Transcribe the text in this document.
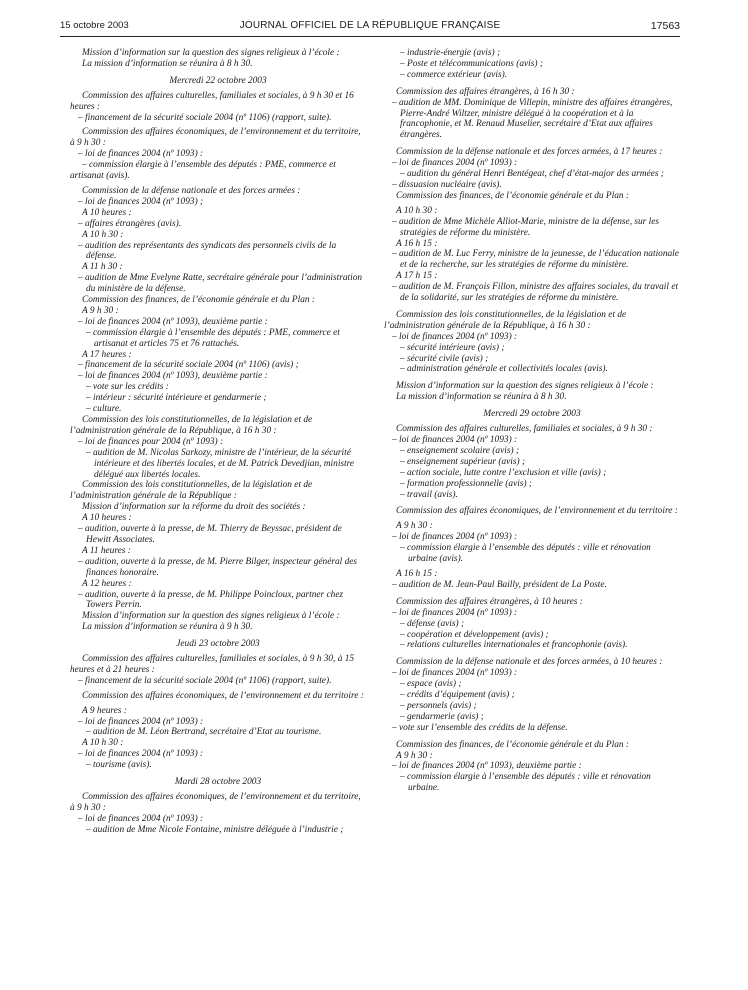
15 octobre 2003	JOURNAL OFFICIEL DE LA RÉPUBLIQUE FRANÇAISE	17563

Mission d’information sur la question des signes religieux à l’école :

La mission d’information se réunira à 8 h 30.

Mercredi 22 octobre 2003

Commission des affaires culturelles, familiales et sociales, à 9 h 30 et 16 heures :

– financement de la sécurité sociale 2004 (nº 1106) (rapport, suite).

Commission des affaires économiques, de l’environnement et du territoire, à 9 h 30 :

– loi de finances 2004 (nº 1093) :

– commission élargie à l’ensemble des députés : PME, commerce et artisanat (avis).

Commission de la défense nationale et des forces armées :

– loi de finances 2004 (nº 1093) ;

A 10 heures :

– affaires étrangères (avis).

A 10 h 30 :

– audition des représentants des syndicats des personnels civils de la défense.

A 11 h 30 :

– audition de Mme Evelyne Ratte, secrétaire générale pour l’administration du ministère de la défense.

Commission des finances, de l’économie générale et du Plan :

A 9 h 30 :

– loi de finances 2004 (nº 1093), deuxième partie :

– commission élargie à l’ensemble des députés : PME, commerce et artisanat et articles 75 et 76 rattachés.

A 17 heures :

– financement de la sécurité sociale 2004 (nº 1106) (avis) ;

– loi de finances 2004 (nº 1093), deuxième partie :

– vote sur les crédits :

– intérieur : sécurité intérieure et gendarmerie ;

– culture.

Commission des lois constitutionnelles, de la législation et de l’administration générale de la République, à 16 h 30 :

– loi de finances pour 2004 (nº 1093) :

– audition de M. Nicolas Sarkozy, ministre de l’intérieur, de la sécurité intérieure et des libertés locales, et de M. Patrick Devedjian, ministre délégué aux libertés locales.

Commission des lois constitutionnelles, de la législation et de l’administration générale de la République :

Mission d’information sur la réforme du droit des sociétés :

A 10 heures :

– audition, ouverte à la presse, de M. Thierry de Beyssac, président de Hewitt Associates.

A 11 heures :

– audition, ouverte à la presse, de M. Pierre Bilger, inspecteur général des finances honoraire.

A 12 heures :

– audition, ouverte à la presse, de M. Philippe Poincloux, partner chez Towers Perrin.

Mission d’information sur la question des signes religieux à l’école :

La mission d’information se réunira à 9 h 30.

Jeudi 23 octobre 2003

Commission des affaires culturelles, familiales et sociales, à 9 h 30, à 15 heures et à 21 heures :

– financement de la sécurité sociale 2004 (nº 1106) (rapport, suite).

Commission des affaires économiques, de l’environnement et du territoire :

A 9 heures :

– loi de finances 2004 (nº 1093) :

– audition de M. Léon Bertrand, secrétaire d’Etat au tourisme.

A 10 h 30 :

– loi de finances 2004 (nº 1093) :

– tourisme (avis).

Mardi 28 octobre 2003

Commission des affaires économiques, de l’environnement et du territoire, à 9 h 30 :

– loi de finances 2004 (nº 1093) :

– audition de Mme Nicole Fontaine, ministre déléguée à l’industrie ;

– industrie-énergie (avis) ;

– Poste et télécommunications (avis) ;

– commerce extérieur (avis).

Commission des affaires étrangères, à 16 h 30 :

– audition de MM. Dominique de Villepin, ministre des affaires étrangères, Pierre-André Wiltzer, ministre délégué à la coopération et à la francophonie, et M. Renaud Muselier, secrétaire d’Etat aux affaires étrangères.

Commission de la défense nationale et des forces armées, à 17 heures :

– loi de finances 2004 (nº 1093) :

– audition du général Henri Bentégeat, chef d’état-major des armées ;

– dissuasion nucléaire (avis).

Commission des finances, de l’économie générale et du Plan :

A 10 h 30 :

– audition de Mme Michèle Alliot-Marie, ministre de la défense, sur les stratégies de réforme du ministère.

A 16 h 15 :

– audition de M. Luc Ferry, ministre de la jeunesse, de l’éducation nationale et de la recherche, sur les stratégies de réforme du ministère.

A 17 h 15 :

– audition de M. François Fillon, ministre des affaires sociales, du travail et de la solidarité, sur les stratégies de réforme du ministère.

Commission des lois constitutionnelles, de la législation et de l’administration générale de la République, à 16 h 30 :

– loi de finances 2004 (nº 1093) :

– sécurité intérieure (avis) ;

– sécurité civile (avis) ;

– administration générale et collectivités locales (avis).

Mission d’information sur la question des signes religieux à l’école :

La mission d’information se réunira à 8 h 30.

Mercredi 29 octobre 2003

Commission des affaires culturelles, familiales et sociales, à 9 h 30 :

– loi de finances 2004 (nº 1093) :

– enseignement scolaire (avis) ;

– enseignement supérieur (avis) ;

– action sociale, lutte contre l’exclusion et ville (avis) ;

– formation professionnelle (avis) ;

– travail (avis).

Commission des affaires économiques, de l’environnement et du territoire :

A 9 h 30 :

– loi de finances 2004 (nº 1093) :

– commission élargie à l’ensemble des députés : ville et rénovation urbaine (avis).

A 16 h 15 :

– audition de M. Jean-Paul Bailly, président de La Poste.

Commission des affaires étrangères, à 10 heures :

– loi de finances 2004 (nº 1093) :

– défense (avis) ;

– coopération et développement (avis) ;

– relations culturelles internationales et francophonie (avis).

Commission de la défense nationale et des forces armées, à 10 heures :

– loi de finances 2004 (nº 1093) :

– espace (avis) ;

– crédits d’équipement (avis) ;

– personnels (avis) ;

– gendarmerie (avis) ;

– vote sur l’ensemble des crédits de la défense.

Commission des finances, de l’économie générale et du Plan :

A 9 h 30 :

– loi de finances 2004 (nº 1093), deuxième partie :

– commission élargie à l’ensemble des députés : ville et rénovation urbaine.
